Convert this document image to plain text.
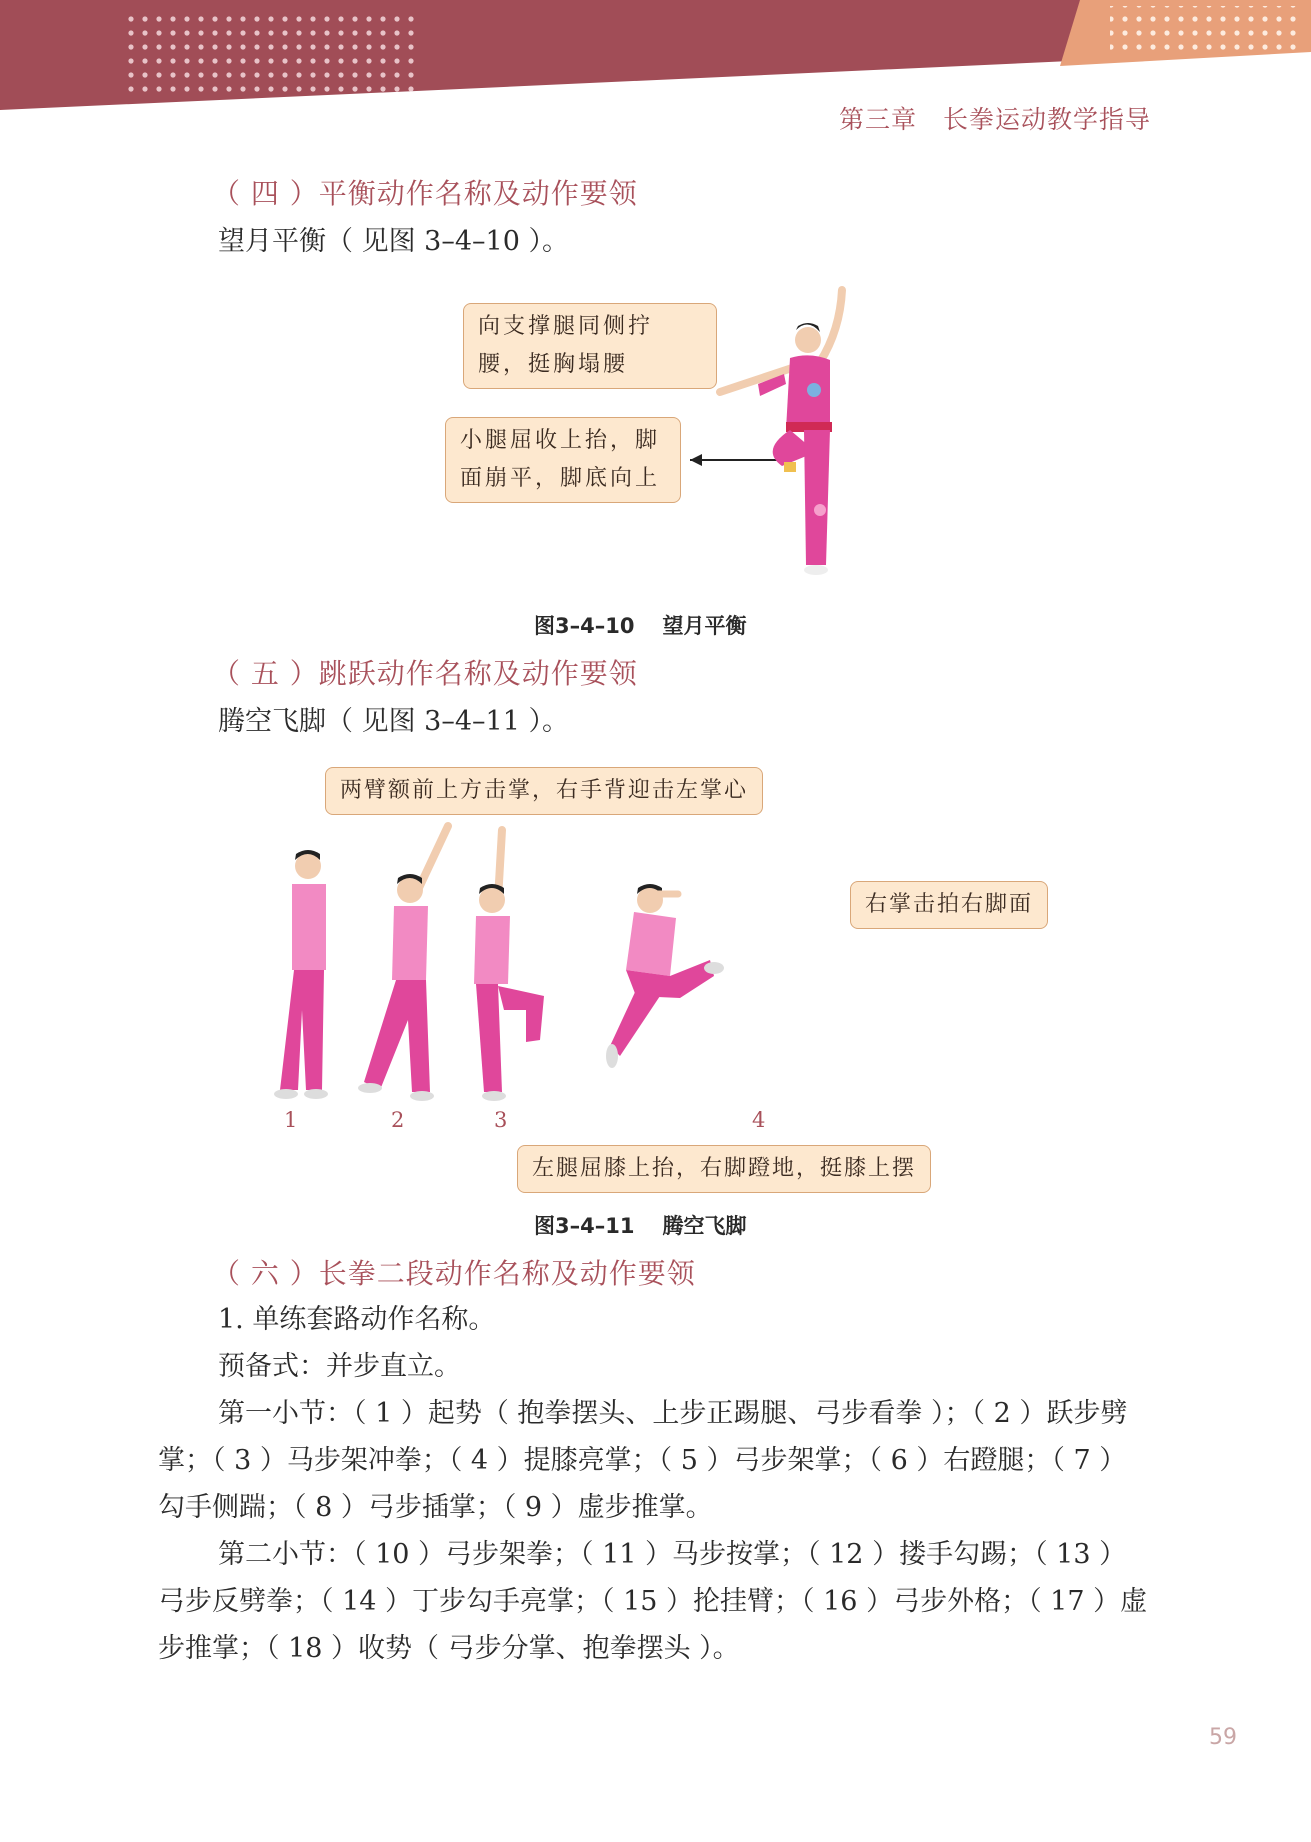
第三章 长拳运动教学指导
（ 四 ）平衡动作名称及动作要领
望月平衡（ 见图 3–4–10 ）。
向支撑腿同侧拧腰，挺胸塌腰
小腿屈收上抬，脚面崩平，脚底向上
图3–4–10 望月平衡
（ 五 ）跳跃动作名称及动作要领
腾空飞脚（ 见图 3–4–11 ）。
两臂额前上方击掌，右手背迎击左掌心
右掌击拍右脚面
左腿屈膝上抬，右脚蹬地，挺膝上摆
1	2	3	4
图3–4–11 腾空飞脚
（ 六 ）长拳二段动作名称及动作要领
1. 单练套路动作名称。
预备式：并步直立。
第一小节：（ 1 ）起势（ 抱拳摆头、上步正踢腿、弓步看拳 ）；（ 2 ）跃步劈掌；（ 3 ）马步架冲拳；（ 4 ）提膝亮掌；（ 5 ）弓步架掌；（ 6 ）右蹬腿；（ 7 ）勾手侧踹；（ 8 ）弓步插掌；（ 9 ）虚步推掌。
第二小节：（ 10 ）弓步架拳；（ 11 ）马步按掌；（ 12 ）搂手勾踢；（ 13 ）弓步反劈拳；（ 14 ）丁步勾手亮掌；（ 15 ）抡挂臂；（ 16 ）弓步外格；（ 17 ）虚步推掌；（ 18 ）收势（ 弓步分掌、抱拳摆头 ）。
59
